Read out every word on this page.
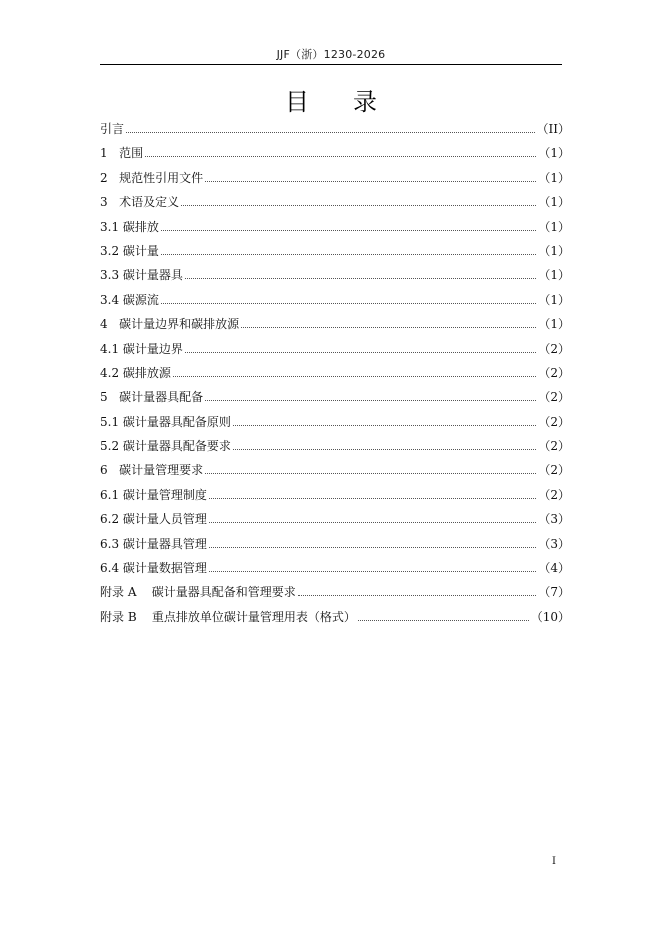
JJF（浙）1230-2026
目录
引言	（II）
1 范围	（1）
2 规范性引用文件	（1）
3 术语及定义	（1）
3.1 碳排放	（1）
3.2 碳计量	（1）
3.3 碳计量器具	（1）
3.4 碳源流	（1）
4 碳计量边界和碳排放源	（1）
4.1 碳计量边界	（2）
4.2 碳排放源	（2）
5 碳计量器具配备	（2）
5.1 碳计量器具配备原则	（2）
5.2 碳计量器具配备要求	（2）
6 碳计量管理要求	（2）
6.1 碳计量管理制度	（2）
6.2 碳计量人员管理	（3）
6.3 碳计量器具管理	（3）
6.4 碳计量数据管理	（4）
附录 A 碳计量器具配备和管理要求	（7）
附录 B 重点排放单位碳计量管理用表（格式）	（10）
I
